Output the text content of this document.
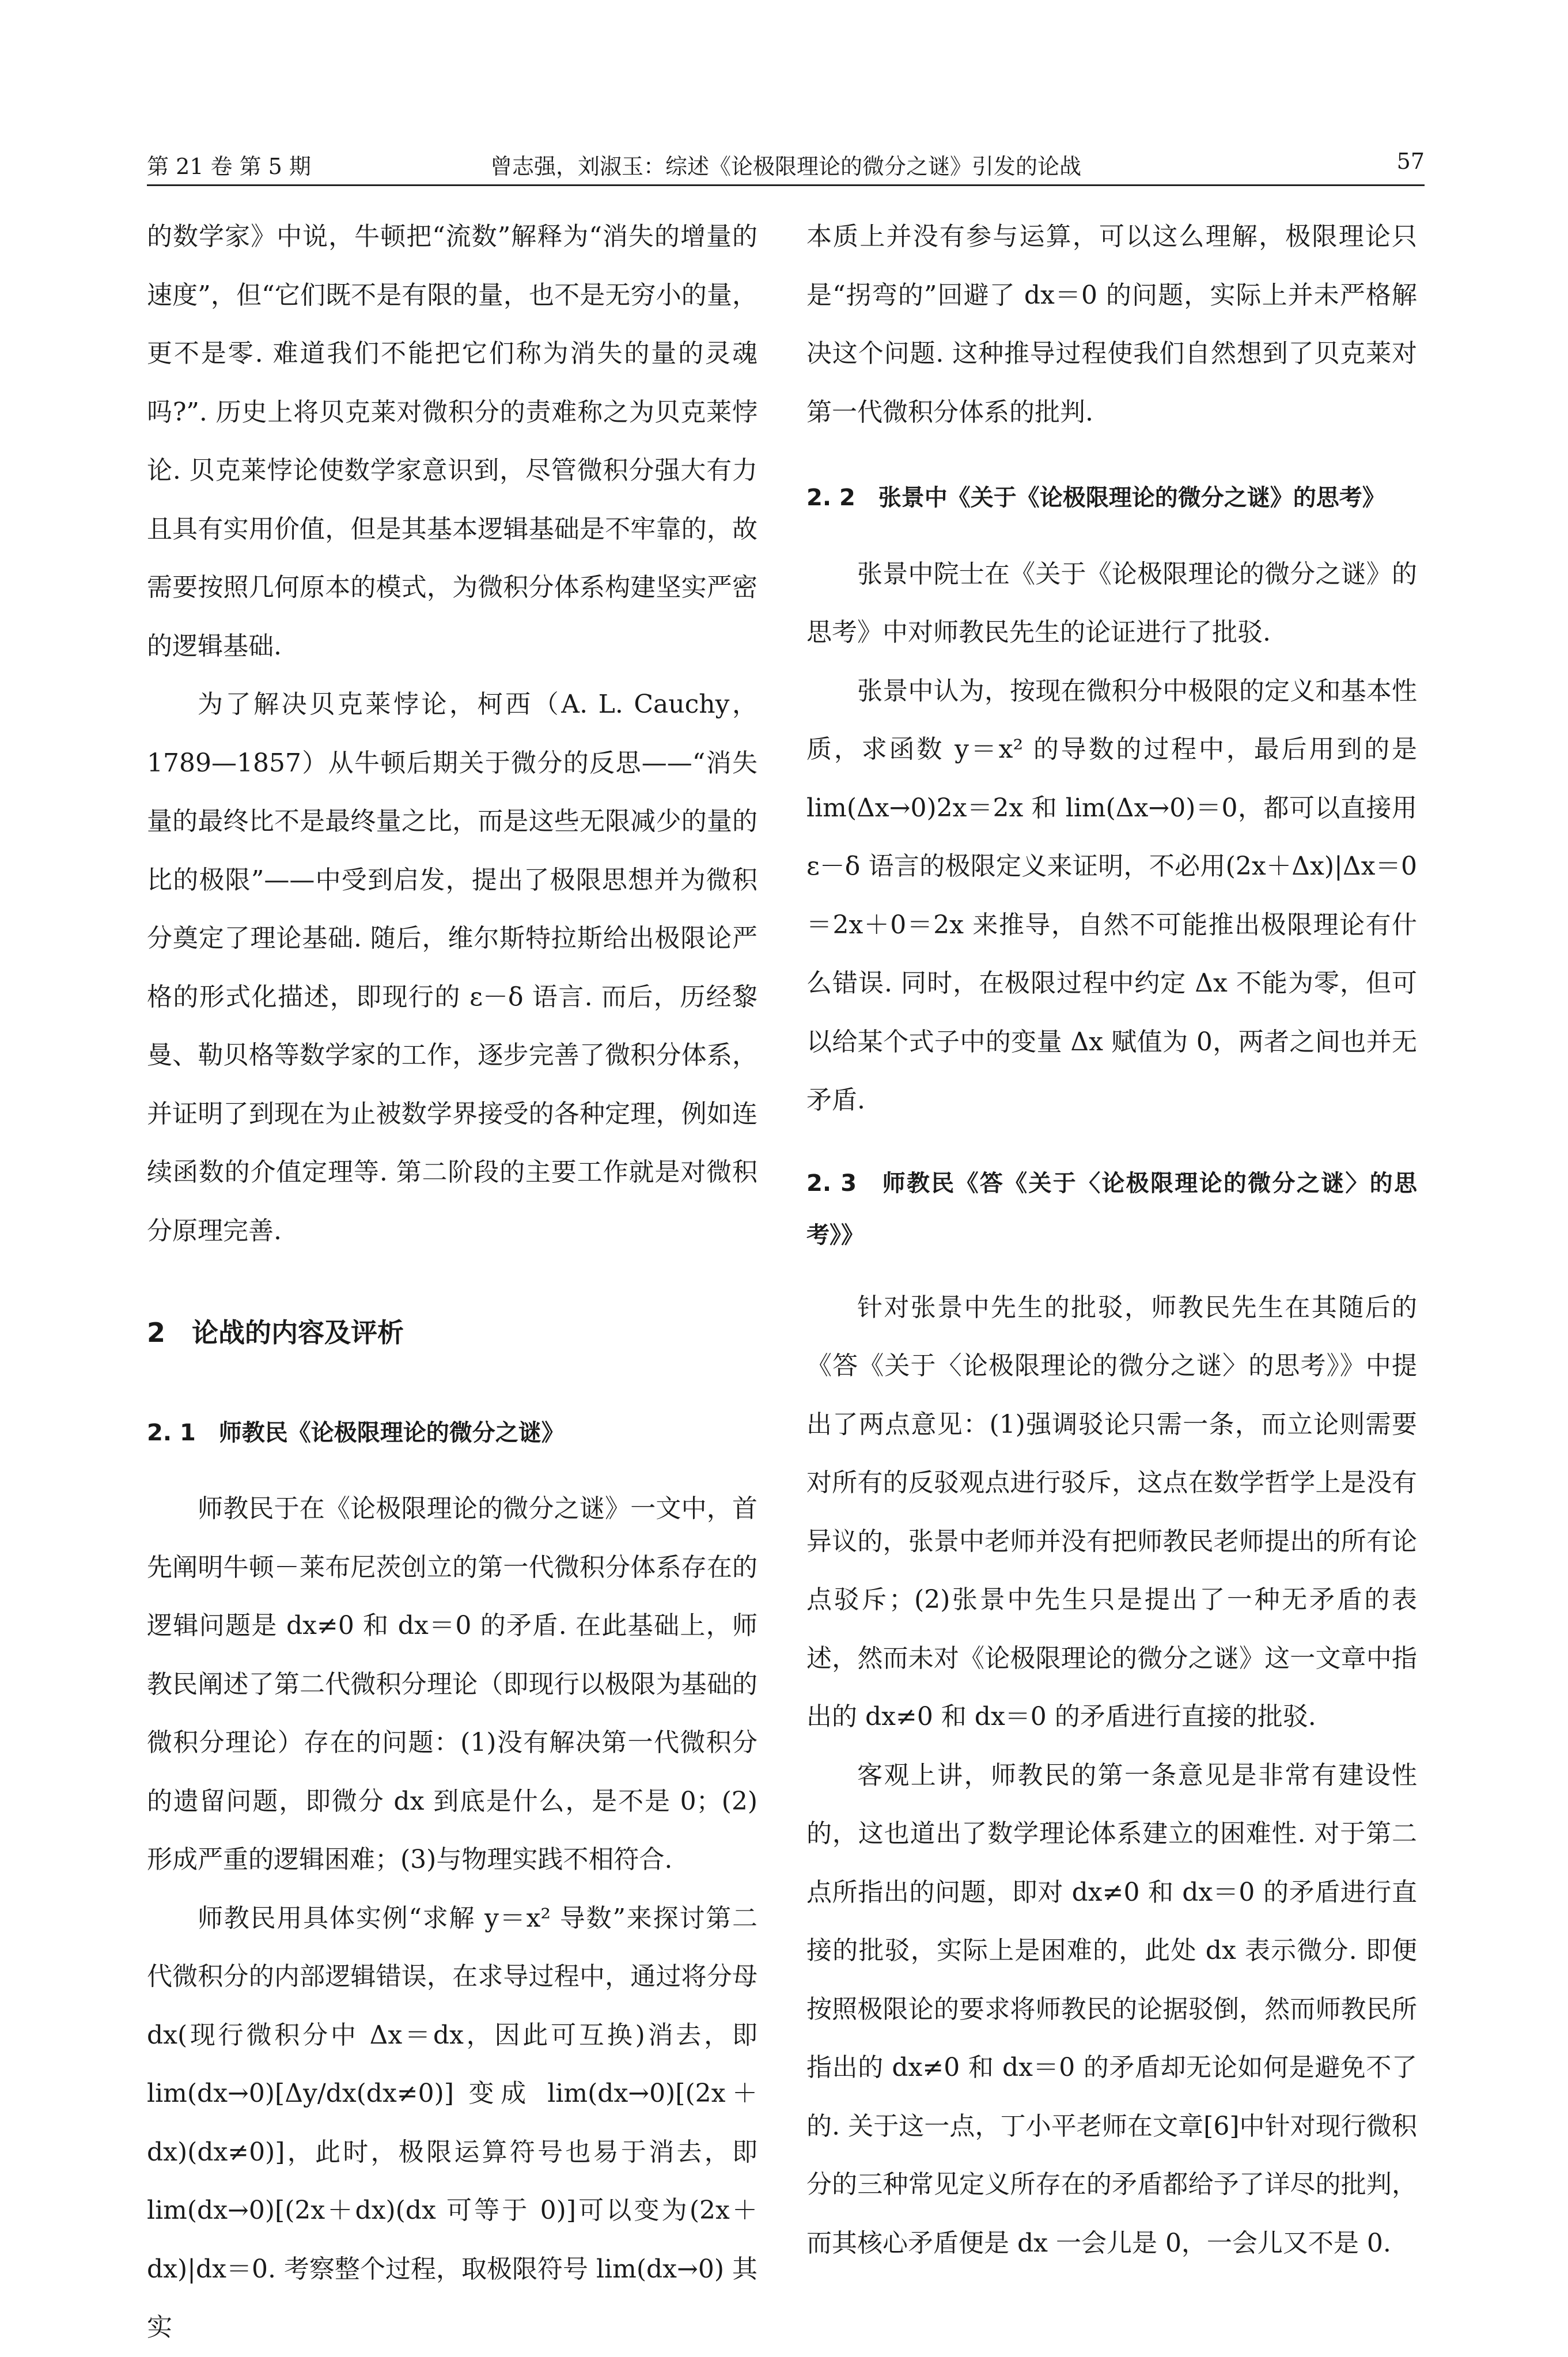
第 21 卷 第 5 期	曾志强，刘淑玉：综述《论极限理论的微分之谜》引发的论战	57

的数学家》中说，牛顿把“流数”解释为“消失的增量的速度”，但“它们既不是有限的量，也不是无穷小的量，更不是零. 难道我们不能把它们称为消失的量的灵魂吗?”. 历史上将贝克莱对微积分的责难称之为贝克莱悖论. 贝克莱悖论使数学家意识到，尽管微积分强大有力且具有实用价值，但是其基本逻辑基础是不牢靠的，故需要按照几何原本的模式，为微积分体系构建坚实严密的逻辑基础.

为了解决贝克莱悖论，柯西（A. L. Cauchy，1789—1857）从牛顿后期关于微分的反思——“消失量的最终比不是最终量之比，而是这些无限减少的量的比的极限”——中受到启发，提出了极限思想并为微积分奠定了理论基础. 随后，维尔斯特拉斯给出极限论严格的形式化描述，即现行的 ε－δ 语言. 而后，历经黎曼、勒贝格等数学家的工作，逐步完善了微积分体系，并证明了到现在为止被数学界接受的各种定理，例如连续函数的介值定理等. 第二阶段的主要工作就是对微积分原理完善.

2　论战的内容及评析

2. 1　师教民《论极限理论的微分之谜》

师教民于在《论极限理论的微分之谜》一文中，首先阐明牛顿－莱布尼茨创立的第一代微积分体系存在的逻辑问题是 dx≠0 和 dx＝0 的矛盾. 在此基础上，师教民阐述了第二代微积分理论（即现行以极限为基础的微积分理论）存在的问题：(1)没有解决第一代微积分的遗留问题，即微分 dx 到底是什么，是不是 0；(2)形成严重的逻辑困难；(3)与物理实践不相符合.

师教民用具体实例“求解 y＝x² 导数”来探讨第二代微积分的内部逻辑错误，在求导过程中，通过将分母 dx(现行微积分中 Δx＝dx，因此可互换)消去，即 lim(dx→0)[Δy/dx(dx≠0)] 变成 lim(dx→0)[(2x＋dx)(dx≠0)]，此时，极限运算符号也易于消去，即 lim(dx→0)[(2x＋dx)(dx 可等于 0)]可以变为(2x＋dx)|dx＝0. 考察整个过程，取极限符号 lim(dx→0) 其实

本质上并没有参与运算，可以这么理解，极限理论只是“拐弯的”回避了 dx＝0 的问题，实际上并未严格解决这个问题. 这种推导过程使我们自然想到了贝克莱对第一代微积分体系的批判.

2. 2　张景中《关于《论极限理论的微分之谜》的思考》

张景中院士在《关于《论极限理论的微分之谜》的思考》中对师教民先生的论证进行了批驳.

张景中认为，按现在微积分中极限的定义和基本性质，求函数 y＝x² 的导数的过程中，最后用到的是 lim(Δx→0)2x＝2x 和 lim(Δx→0)＝0，都可以直接用 ε－δ 语言的极限定义来证明，不必用(2x＋Δx)|Δx＝0＝2x＋0＝2x 来推导，自然不可能推出极限理论有什么错误. 同时，在极限过程中约定 Δx 不能为零，但可以给某个式子中的变量 Δx 赋值为 0，两者之间也并无矛盾.

2. 3　师教民《答《关于〈论极限理论的微分之谜〉的思考》》

针对张景中先生的批驳，师教民先生在其随后的《答《关于〈论极限理论的微分之谜〉的思考》》中提出了两点意见：(1)强调驳论只需一条，而立论则需要对所有的反驳观点进行驳斥，这点在数学哲学上是没有异议的，张景中老师并没有把师教民老师提出的所有论点驳斥；(2)张景中先生只是提出了一种无矛盾的表述，然而未对《论极限理论的微分之谜》这一文章中指出的 dx≠0 和 dx＝0 的矛盾进行直接的批驳.

客观上讲，师教民的第一条意见是非常有建设性的，这也道出了数学理论体系建立的困难性. 对于第二点所指出的问题，即对 dx≠0 和 dx＝0 的矛盾进行直接的批驳，实际上是困难的，此处 dx 表示微分. 即便按照极限论的要求将师教民的论据驳倒，然而师教民所指出的 dx≠0 和 dx＝0 的矛盾却无论如何是避免不了的. 关于这一点，丁小平老师在文章[6]中针对现行微积分的三种常见定义所存在的矛盾都给予了详尽的批判，而其核心矛盾便是 dx 一会儿是 0，一会儿又不是 0.
